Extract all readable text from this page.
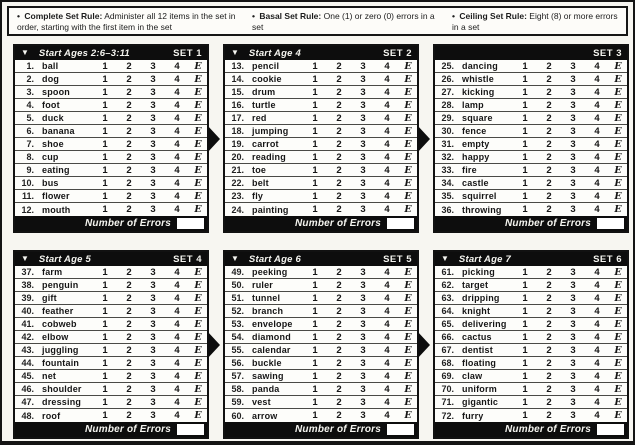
• Complete Set Rule: Administer all 12 items in the set in order, starting with the first item in the set
• Basal Set Rule: One (1) or zero (0) errors in a set
• Ceiling Set Rule: Eight (8) or more errors in a set
▼ Start Ages 2:6–3:11	SET 1
1. ball	1	2	3	4	E
2. dog	1	2	3	4	E
3. spoon	1	2	3	4	E
4. foot	1	2	3	4	E
5. duck	1	2	3	4	E
6. banana	1	2	3	4	E
7. shoe	1	2	3	4	E
8. cup	1	2	3	4	E
9. eating	1	2	3	4	E
10. bus	1	2	3	4	E
11. flower	1	2	3	4	E
12. mouth	1	2	3	4	E
Number of Errors
▼ Start Age 4	SET 2
13. pencil	1	2	3	4	E
14. cookie	1	2	3	4	E
15. drum	1	2	3	4	E
16. turtle	1	2	3	4	E
17. red	1	2	3	4	E
18. jumping	1	2	3	4	E
19. carrot	1	2	3	4	E
20. reading	1	2	3	4	E
21. toe	1	2	3	4	E
22. belt	1	2	3	4	E
23. fly	1	2	3	4	E
24. painting	1	2	3	4	E
Number of Errors
SET 3
25. dancing	1	2	3	4	E
26. whistle	1	2	3	4	E
27. kicking	1	2	3	4	E
28. lamp	1	2	3	4	E
29. square	1	2	3	4	E
30. fence	1	2	3	4	E
31. empty	1	2	3	4	E
32. happy	1	2	3	4	E
33. fire	1	2	3	4	E
34. castle	1	2	3	4	E
35. squirrel	1	2	3	4	E
36. throwing	1	2	3	4	E
Number of Errors
▼ Start Age 5	SET 4
37. farm	1	2	3	4	E
38. penguin	1	2	3	4	E
39. gift	1	2	3	4	E
40. feather	1	2	3	4	E
41. cobweb	1	2	3	4	E
42. elbow	1	2	3	4	E
43. juggling	1	2	3	4	E
44. fountain	1	2	3	4	E
45. net	1	2	3	4	E
46. shoulder	1	2	3	4	E
47. dressing	1	2	3	4	E
48. roof	1	2	3	4	E
Number of Errors
▼ Start Age 6	SET 5
49. peeking	1	2	3	4	E
50. ruler	1	2	3	4	E
51. tunnel	1	2	3	4	E
52. branch	1	2	3	4	E
53. envelope	1	2	3	4	E
54. diamond	1	2	3	4	E
55. calendar	1	2	3	4	E
56. buckle	1	2	3	4	E
57. sawing	1	2	3	4	E
58. panda	1	2	3	4	E
59. vest	1	2	3	4	E
60. arrow	1	2	3	4	E
Number of Errors
▼ Start Age 7	SET 6
61. picking	1	2	3	4	E
62. target	1	2	3	4	E
63. dripping	1	2	3	4	E
64. knight	1	2	3	4	E
65. delivering	1	2	3	4	E
66. cactus	1	2	3	4	E
67. dentist	1	2	3	4	E
68. floating	1	2	3	4	E
69. claw	1	2	3	4	E
70. uniform	1	2	3	4	E
71. gigantic	1	2	3	4	E
72. furry	1	2	3	4	E
Number of Errors
